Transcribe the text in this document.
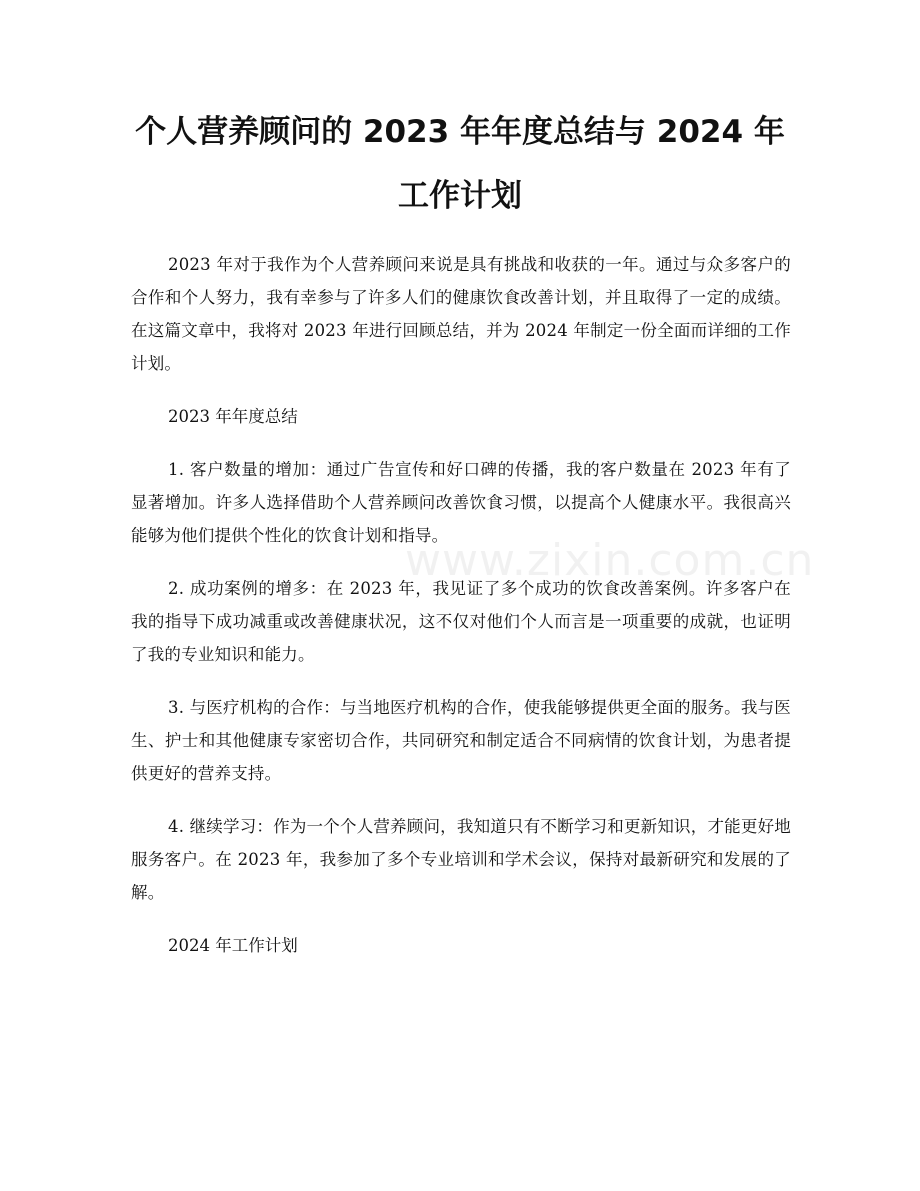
个人营养顾问的 2023 年年度总结与 2024 年
工作计划

2023 年对于我作为个人营养顾问来说是具有挑战和收获的一年。通过与众多客户的合作和个人努力，我有幸参与了许多人们的健康饮食改善计划，并且取得了一定的成绩。在这篇文章中，我将对 2023 年进行回顾总结，并为 2024 年制定一份全面而详细的工作计划。

2023 年年度总结

1. 客户数量的增加：通过广告宣传和好口碑的传播，我的客户数量在 2023 年有了显著增加。许多人选择借助个人营养顾问改善饮食习惯，以提高个人健康水平。我很高兴能够为他们提供个性化的饮食计划和指导。

2. 成功案例的增多：在 2023 年，我见证了多个成功的饮食改善案例。许多客户在我的指导下成功减重或改善健康状况，这不仅对他们个人而言是一项重要的成就，也证明了我的专业知识和能力。

3. 与医疗机构的合作：与当地医疗机构的合作，使我能够提供更全面的服务。我与医生、护士和其他健康专家密切合作，共同研究和制定适合不同病情的饮食计划，为患者提供更好的营养支持。

4. 继续学习：作为一个个人营养顾问，我知道只有不断学习和更新知识，才能更好地服务客户。在 2023 年，我参加了多个专业培训和学术会议，保持对最新研究和发展的了解。

2024 年工作计划

www.zixin.com.cn
